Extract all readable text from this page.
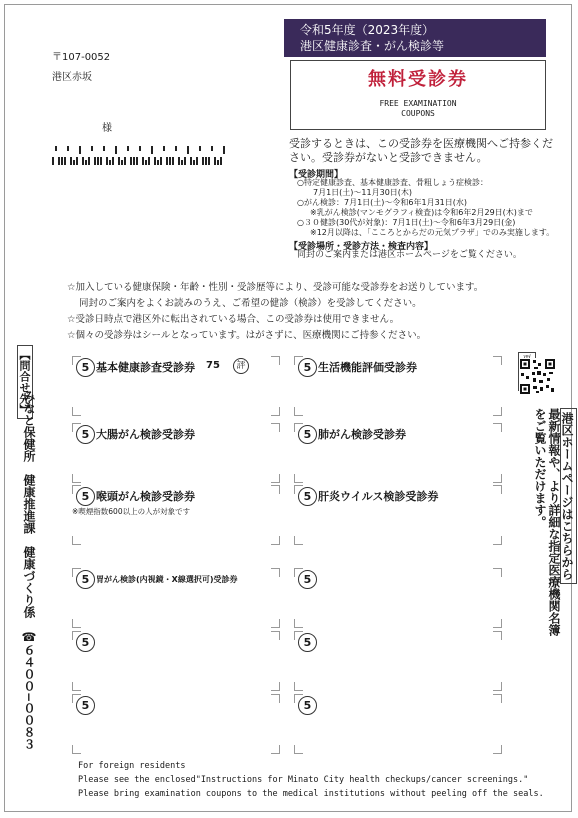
〒107-0052
港区赤坂
様
令和5年度（2023年度）
港区健康診査・がん検診等
無料受診券
FREE EXAMINATION
COUPONS
受診するときは、この受診券を医療機関へご持参ください。受診券がないと受診できません。
【受診期間】
○特定健康診査、基本健康診査、骨粗しょう症検診：
7月1日(土)～11月30日(木)
○がん検診：7月1日(土)～令和6年1月31日(水)
※乳がん検診(マンモグラフィ検査)は令和6年2月29日(木)まで
○３０健診(30代が対象)：7月1日(土)～令和6年3月29日(金)
※12月以降は、「こころとからだの元気プラザ」でのみ実施します。
【受診場所・受診方法・検査内容】
同封のご案内または港区ホームページをご覧ください。
☆加入している健康保険・年齢・性別・受診歴等により、受診可能な受診券をお送りしています。
同封のご案内をよくお読みのうえ、ご希望の健診（検診）を受診してください。
☆受診日時点で港区外に転出されている場合、この受診券は使用できません。
☆個々の受診券はシールとなっています。はがさずに、医療機関にご持参ください。
【問合せ先】
みなと保健所　健康推進課　健康づくり係　☎６４００−００８３	港区ホームページはこちらから
最新情報や、より詳細な指定医療機関名簿
をご覧いただけます。
5 基本健康診査受診券 75	評	5 生活機能評価受診券
5 大腸がん検診受診券	5 肺がん検診受診券
5 喉頭がん検診受診券
※喫煙指数600以上の人が対象です
5 肝炎ウイルス検診受診券
5 胃がん検診(内視鏡・X線選択可)受診券	5
5	5
5	5
For foreign residents
Please see the enclosed"Instructions for Minato City health checkups/cancer screenings."
Please bring examination coupons to the medical institutions without peeling off the seals.
